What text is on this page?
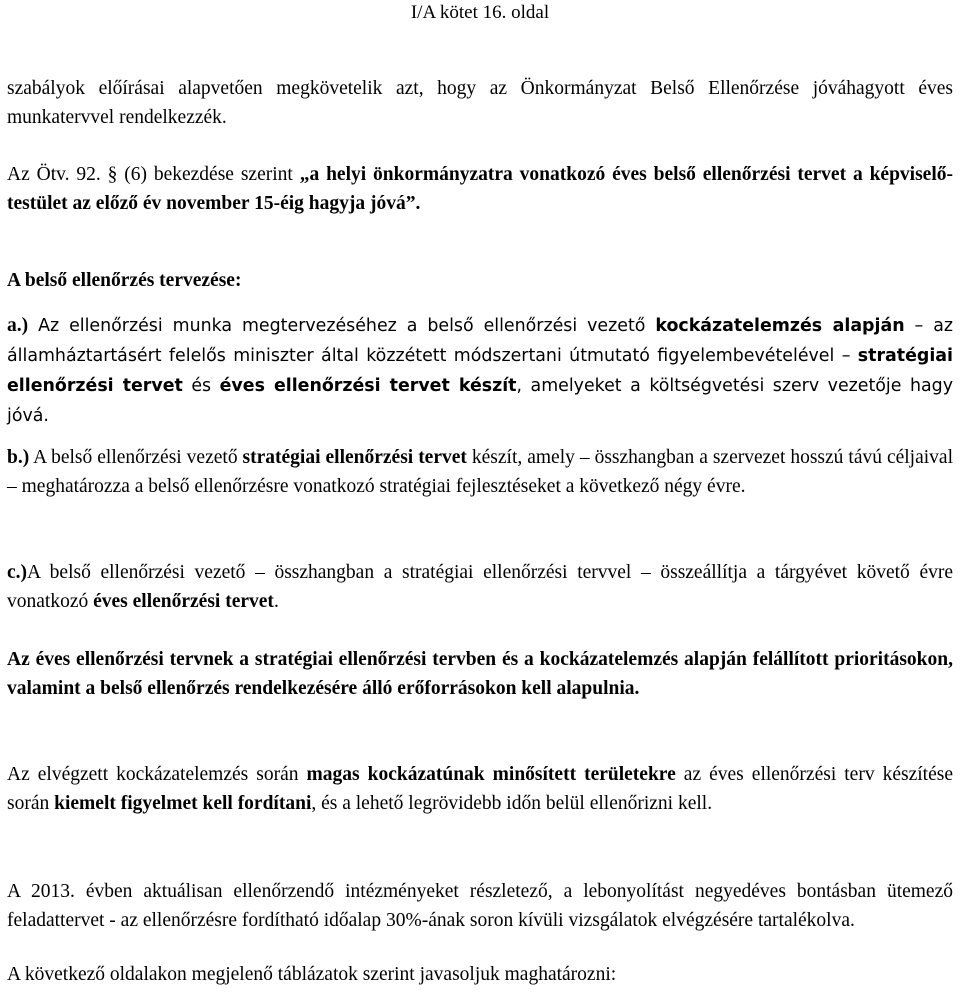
I/A kötet 16. oldal

szabályok előírásai alapvetően megkövetelik azt, hogy az Önkormányzat Belső Ellenőrzése jóváhagyott éves munkatervvel rendelkezzék.

Az Ötv. 92. § (6) bekezdése szerint „a helyi önkormányzatra vonatkozó éves belső ellenőrzési tervet a képviselő-testület az előző év november 15-éig hagyja jóvá”.

A belső ellenőrzés tervezése:

a.) Az ellenőrzési munka megtervezéséhez a belső ellenőrzési vezető kockázatelemzés alapján – az államháztartásért felelős miniszter által közzétett módszertani útmutató figyelembevételével – stratégiai ellenőrzési tervet és éves ellenőrzési tervet készít, amelyeket a költségvetési szerv vezetője hagy jóvá.

b.) A belső ellenőrzési vezető stratégiai ellenőrzési tervet készít, amely – összhangban a szervezet hosszú távú céljaival – meghatározza a belső ellenőrzésre vonatkozó stratégiai fejlesztéseket a következő négy évre.

c.)A belső ellenőrzési vezető – összhangban a stratégiai ellenőrzési tervvel – összeállítja a tárgyévet követő évre vonatkozó éves ellenőrzési tervet.

Az éves ellenőrzési tervnek a stratégiai ellenőrzési tervben és a kockázatelemzés alapján felállított prioritásokon, valamint a belső ellenőrzés rendelkezésére álló erőforrásokon kell alapulnia.

Az elvégzett kockázatelemzés során magas kockázatúnak minősített területekre az éves ellenőrzési terv készítése során kiemelt figyelmet kell fordítani, és a lehető legrövidebb időn belül ellenőrizni kell.

A 2013. évben aktuálisan ellenőrzendő intézményeket részletező, a lebonyolítást negyedéves bontásban ütemező feladattervet - az ellenőrzésre fordítható időalap 30%-ának soron kívüli vizsgálatok elvégzésére tartalékolva.

A következő oldalakon megjelenő táblázatok szerint javasoljuk maghatározni:
